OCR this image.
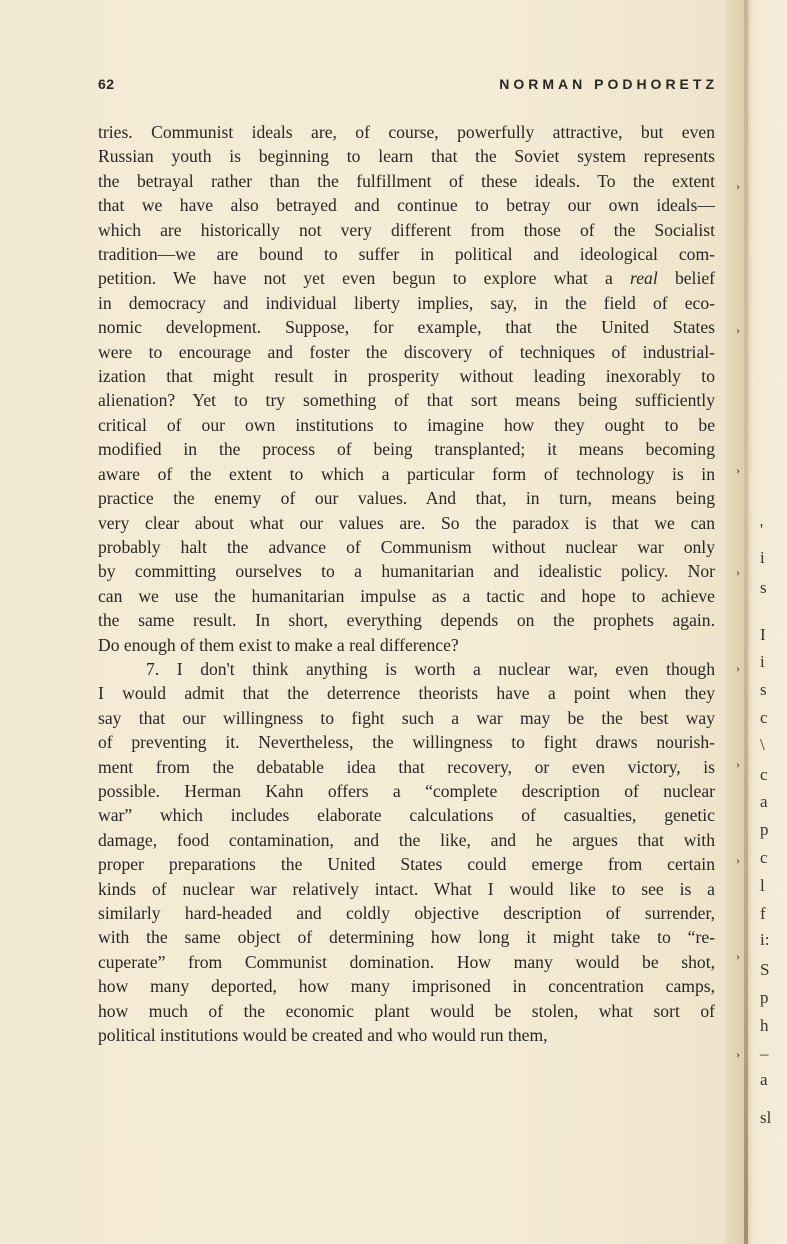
62	NORMAN PODHORETZ

tries. Communist ideals are, of course, powerfully attractive, but even
Russian youth is beginning to learn that the Soviet system represents
the betrayal rather than the fulfillment of these ideals. To the extent
that we have also betrayed and continue to betray our own ideals—
which are historically not very different from those of the Socialist
tradition—we are bound to suffer in political and ideological com-
petition. We have not yet even begun to explore what a real belief
in democracy and individual liberty implies, say, in the field of eco-
nomic development. Suppose, for example, that the United States
were to encourage and foster the discovery of techniques of industrial-
ization that might result in prosperity without leading inexorably to
alienation? Yet to try something of that sort means being sufficiently
critical of our own institutions to imagine how they ought to be
modified in the process of being transplanted; it means becoming
aware of the extent to which a particular form of technology is in
practice the enemy of our values. And that, in turn, means being
very clear about what our values are. So the paradox is that we can
probably halt the advance of Communism without nuclear war only
by committing ourselves to a humanitarian and idealistic policy. Nor
can we use the humanitarian impulse as a tactic and hope to achieve
the same result. In short, everything depends on the prophets again.
Do enough of them exist to make a real difference?

7. I don't think anything is worth a nuclear war, even though
I would admit that the deterrence theorists have a point when they
say that our willingness to fight such a war may be the best way
of preventing it. Nevertheless, the willingness to fight draws nourish-
ment from the debatable idea that recovery, or even victory, is
possible. Herman Kahn offers a “complete description of nuclear
war” which includes elaborate calculations of casualties, genetic
damage, food contamination, and the like, and he argues that with
proper preparations the United States could emerge from certain
kinds of nuclear war relatively intact. What I would like to see is a
similarly hard-headed and coldly objective description of surrender,
with the same object of determining how long it might take to “re-
cuperate” from Communist domination. How many would be shot,
how many deported, how many imprisoned in concentration camps,
how much of the economic plant would be stolen, what sort of
political institutions would be created and who would run them,

'
i
s
I
i
s
c
\
c
a
p
c
l
f
i:
S
p
h
–
a
sl
›
›
›
›
›
›
›
›
›
